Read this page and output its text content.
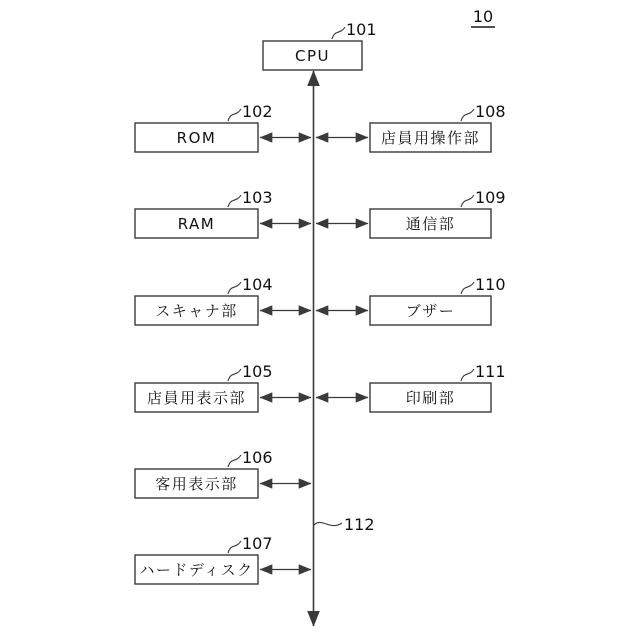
10
112
CPU
101
ROM
102
RAM
103
スキャナ部
104
店員用表示部
105
客用表示部
106
ハードディスク
107
店員用操作部
108
通信部
109
ブザー
110
印刷部
111
